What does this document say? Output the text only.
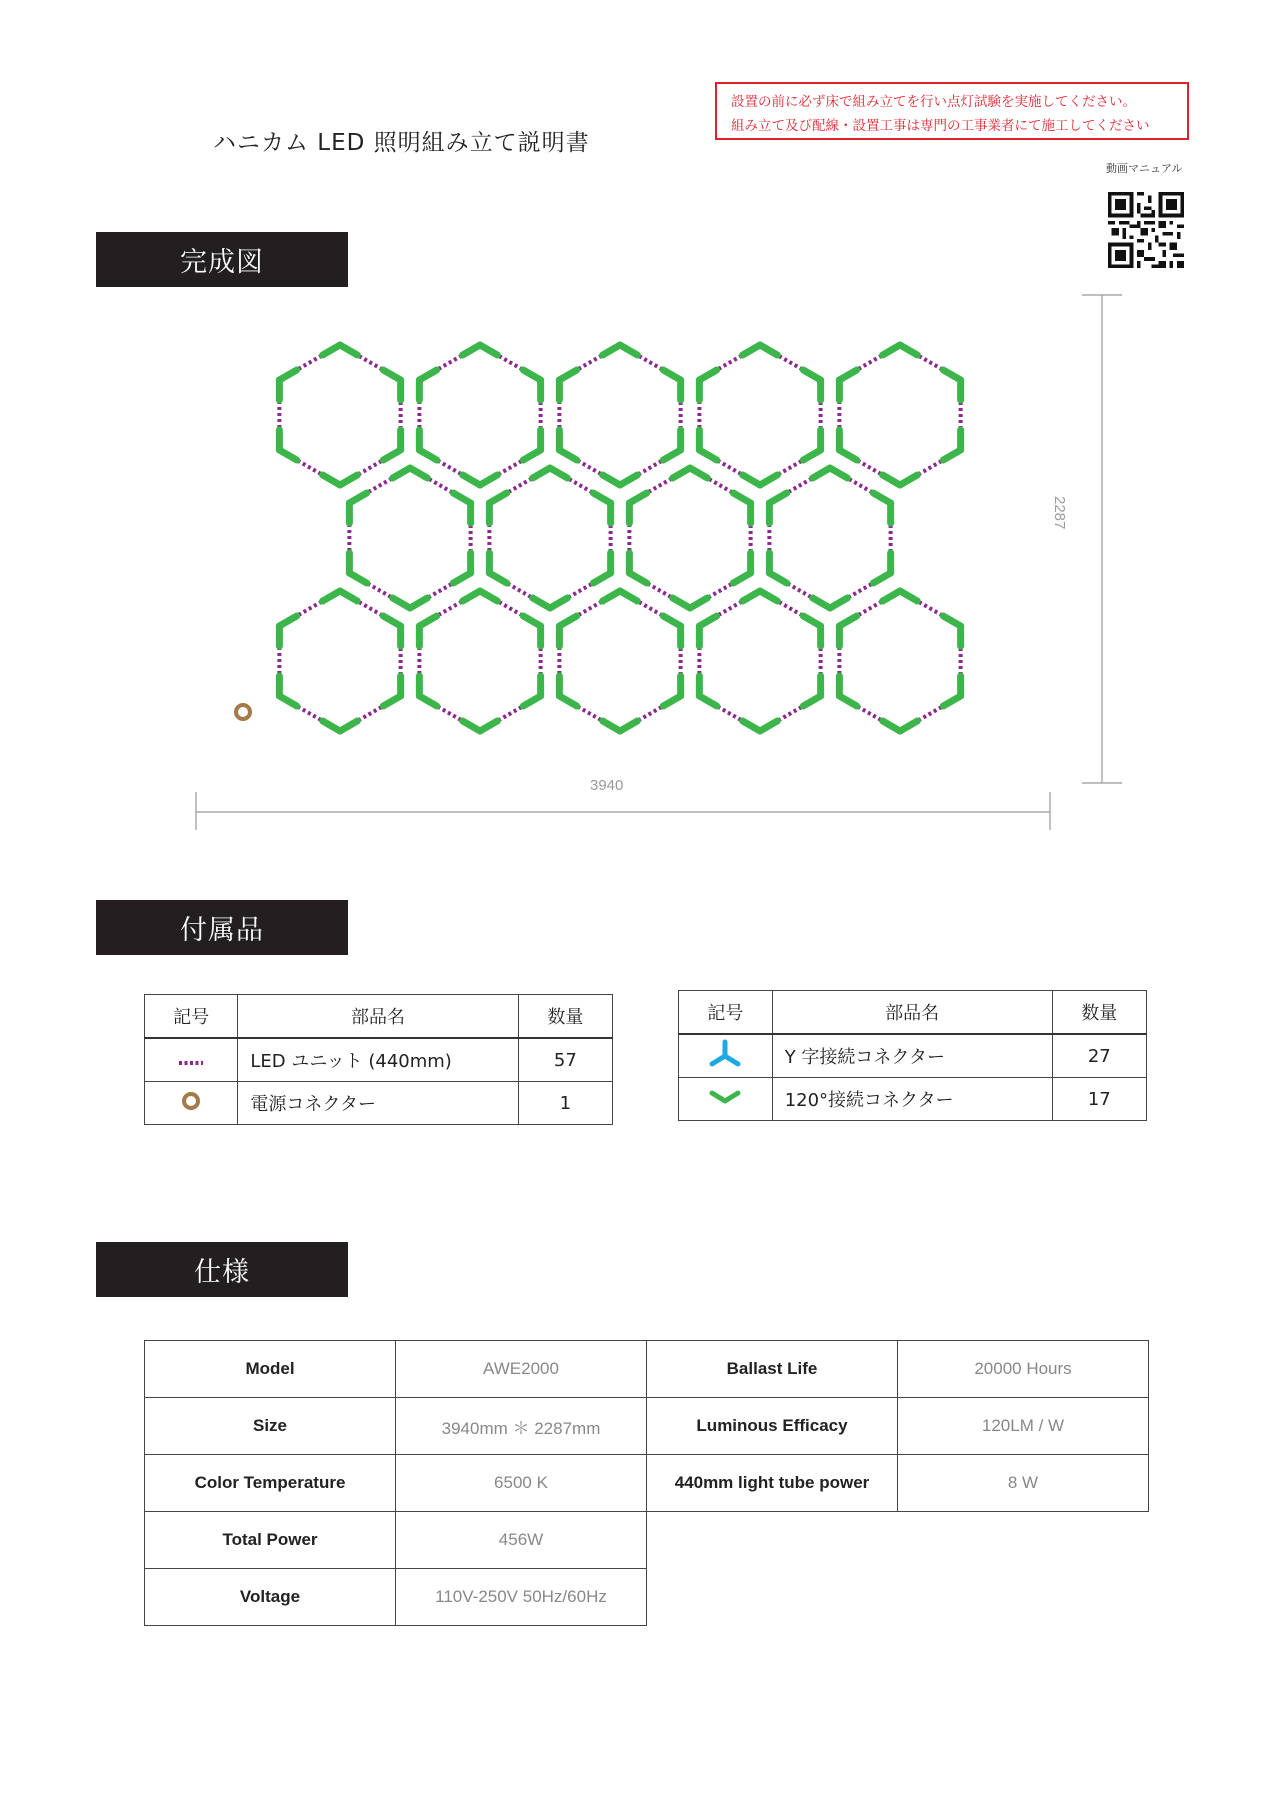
ハニカム LED 照明組み立て説明書
設置の前に必ず床で組み立てを行い点灯試験を実施してください。
組み立て及び配線・設置工事は専門の工事業者にて施工してください
動画マニュアル
完成図
付属品
仕様
3940
2287
記号	部品名	数量
	LED ユニット (440mm)	57
	電源コネクター	1
記号	部品名	数量
	Y 字接続コネクター	27
	120°接続コネクター	17
Model	AWE2000	Ballast Life	20000 Hours
Size	3940mm ＊ 2287mm	Luminous Efficacy	120LM / W
Color Temperature	6500 K	440mm light tube power	8 W
Total Power	456W		
Voltage	110V-250V 50Hz/60Hz		
